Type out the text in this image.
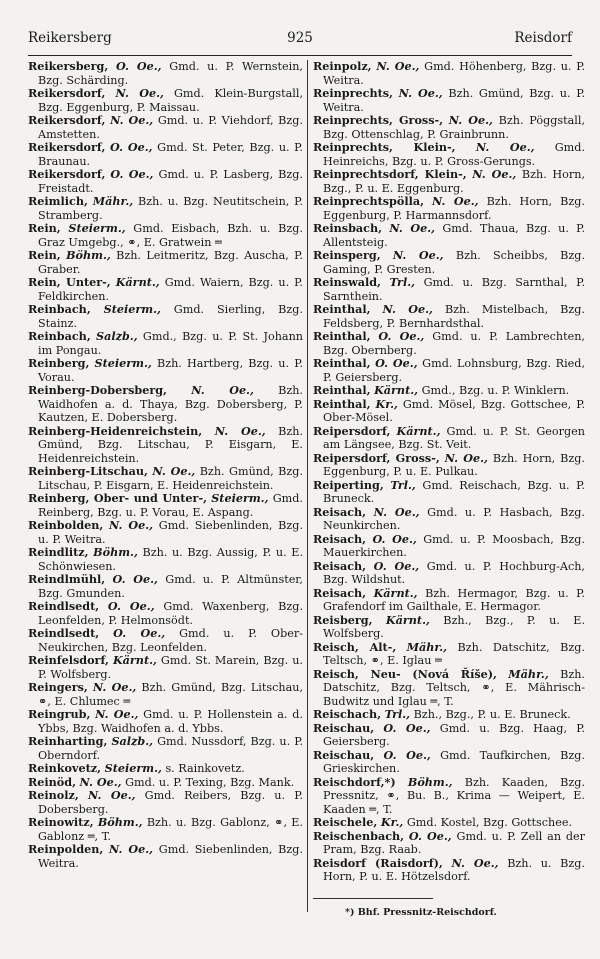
Reikersberg	925	Reisdorf

Reikersberg, O. Oe., Gmd. u. P. Wernstein, Bzg. Schärding.

Reikersdorf, N. Oe., Gmd. Klein-Burgstall, Bzg. Eggenburg, P. Maissau.

Reikersdorf, N. Oe., Gmd. u. P. Viehdorf, Bzg. Amstetten.

Reikersdorf, O. Oe., Gmd. St. Peter, Bzg. u. P. Braunau.

Reikersdorf, O. Oe., Gmd. u. P. Lasberg, Bzg. Freistadt.

Reimlich, Mähr., Bzh. u. Bzg. Neutitschein, P. Stramberg.

Rein, Steierm., Gmd. Eisbach, Bzh. u. Bzg. Graz Umgebg., ⚭, E. Gratwein ═

Rein, Böhm., Bzh. Leitmeritz, Bzg. Auscha, P. Graber.

Rein, Unter-, Kärnt., Gmd. Waiern, Bzg. u. P. Feldkirchen.

Reinbach, Steierm., Gmd. Sierling, Bzg. Stainz.

Reinbach, Salzb., Gmd., Bzg. u. P. St. Johann im Pongau.

Reinberg, Steierm., Bzh. Hartberg, Bzg. u. P. Vorau.

Reinberg-Dobersberg, N. Oe., Bzh. Waidhofen a. d. Thaya, Bzg. Dobersberg, P. Kautzen, E. Dobersberg.

Reinberg-Heidenreichstein, N. Oe., Bzh. Gmünd, Bzg. Litschau, P. Eisgarn, E. Heidenreichstein.

Reinberg-Litschau, N. Oe., Bzh. Gmünd, Bzg. Litschau, P. Eisgarn, E. Heidenreichstein.

Reinberg, Ober- und Unter-, Steierm., Gmd. Reinberg, Bzg. u. P. Vorau, E. Aspang.

Reinbolden, N. Oe., Gmd. Siebenlinden, Bzg. u. P. Weitra.

Reindlitz, Böhm., Bzh. u. Bzg. Aussig, P. u. E. Schönwiesen.

Reindlmühl, O. Oe., Gmd. u. P. Altmünster, Bzg. Gmunden.

Reindlsedt, O. Oe., Gmd. Waxenberg, Bzg. Leonfelden, P. Helmonsödt.

Reindlsedt, O. Oe., Gmd. u. P. Ober-Neukirchen, Bzg. Leonfelden.

Reinfelsdorf, Kärnt., Gmd. St. Marein, Bzg. u. P. Wolfsberg.

Reingers, N. Oe., Bzh. Gmünd, Bzg. Litschau, ⚭, E. Chlumec ═

Reingrub, N. Oe., Gmd. u. P. Hollenstein a. d. Ybbs, Bzg. Waidhofen a. d. Ybbs.

Reinharting, Salzb., Gmd. Nussdorf, Bzg. u. P. Oberndorf.

Reinkovetz, Steierm., s. Rainkovetz.

Reinöd, N. Oe., Gmd. u. P. Texing, Bzg. Mank.

Reinolz, N. Oe., Gmd. Reibers, Bzg. u. P. Dobersberg.

Reinowitz, Böhm., Bzh. u. Bzg. Gablonz, ⚭, E. Gablonz ═, T.

Reinpolden, N. Oe., Gmd. Siebenlinden, Bzg. Weitra.

Reinpolz, N. Oe., Gmd. Höhenberg, Bzg. u. P. Weitra.

Reinprechts, N. Oe., Bzh. Gmünd, Bzg. u. P. Weitra.

Reinprechts, Gross-, N. Oe., Bzh. Pöggstall, Bzg. Ottenschlag, P. Grainbrunn.

Reinprechts, Klein-, N. Oe., Gmd. Heinreichs, Bzg. u. P. Gross-Gerungs.

Reinprechtsdorf, Klein-, N. Oe., Bzh. Horn, Bzg., P. u. E. Eggenburg.

Reinprechtspölla, N. Oe., Bzh. Horn, Bzg. Eggenburg, P. Harmannsdorf.

Reinsbach, N. Oe., Gmd. Thaua, Bzg. u. P. Allentsteig.

Reinsperg, N. Oe., Bzh. Scheibbs, Bzg. Gaming, P. Gresten.

Reinswald, Trl., Gmd. u. Bzg. Sarnthal, P. Sarnthein.

Reinthal, N. Oe., Bzh. Mistelbach, Bzg. Feldsberg, P. Bernhardsthal.

Reinthal, O. Oe., Gmd. u. P. Lambrechten, Bzg. Obernberg.

Reinthal, O. Oe., Gmd. Lohnsburg, Bzg. Ried, P. Geiersberg.

Reinthal, Kärnt., Gmd., Bzg. u. P. Winklern.

Reinthal, Kr., Gmd. Mösel, Bzg. Gottschee, P. Ober-Mösel.

Reipersdorf, Kärnt., Gmd. u. P. St. Georgen am Längsee, Bzg. St. Veit.

Reipersdorf, Gross-, N. Oe., Bzh. Horn, Bzg. Eggenburg, P. u. E. Pulkau.

Reiperting, Trl., Gmd. Reischach, Bzg. u. P. Bruneck.

Reisach, N. Oe., Gmd. u. P. Hasbach, Bzg. Neunkirchen.

Reisach, O. Oe., Gmd. u. P. Moosbach, Bzg. Mauerkirchen.

Reisach, O. Oe., Gmd. u. P. Hochburg-Ach, Bzg. Wildshut.

Reisach, Kärnt., Bzh. Hermagor, Bzg. u. P. Grafendorf im Gailthale, E. Hermagor.

Reisberg, Kärnt., Bzh., Bzg., P. u. E. Wolfsberg.

Reisch, Alt-, Mähr., Bzh. Datschitz, Bzg. Teltsch, ⚭, E. Iglau ═

Reisch, Neu- (Nová Říše), Mähr., Bzh. Datschitz, Bzg. Teltsch, ⚭, E. Mährisch-Budwitz und Iglau ═, T.

Reischach, Trl., Bzh., Bzg., P. u. E. Bruneck.

Reischau, O. Oe., Gmd. u. Bzg. Haag, P. Geiersberg.

Reischau, O. Oe., Gmd. Taufkirchen, Bzg. Grieskirchen.

Reischdorf,*) Böhm., Bzh. Kaaden, Bzg. Pressnitz, ⚭, Bu. B., Krima — Weipert, E. Kaaden ═, T.

Reischele, Kr., Gmd. Kostel, Bzg. Gottschee.

Reischenbach, O. Oe., Gmd. u. P. Zell an der Pram, Bzg. Raab.

Reisdorf (Raisdorf), N. Oe., Bzh. u. Bzg. Horn, P. u. E. Hötzelsdorf.

*) Bhf. Pressnitz-Reischdorf.
